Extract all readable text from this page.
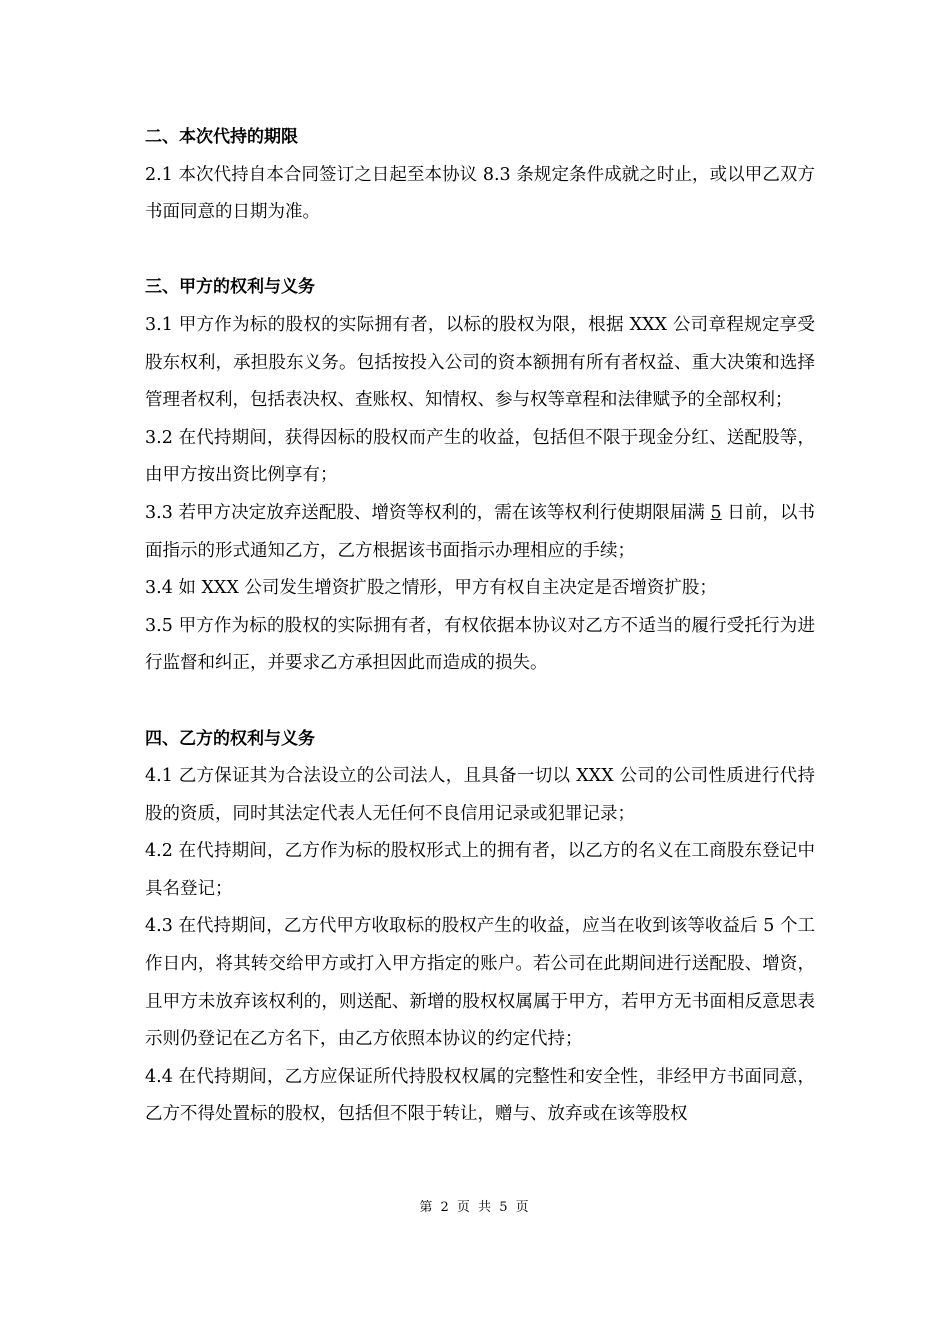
二、本次代持的期限

2.1 本次代持自本合同签订之日起至本协议 8.3 条规定条件成就之时止，或以甲乙双方书面同意的日期为准。

三、甲方的权利与义务

3.1 甲方作为标的股权的实际拥有者，以标的股权为限，根据 XXX 公司章程规定享受股东权利，承担股东义务。包括按投入公司的资本额拥有所有者权益、重大决策和选择管理者权利，包括表决权、查账权、知情权、参与权等章程和法律赋予的全部权利；

3.2 在代持期间，获得因标的股权而产生的收益，包括但不限于现金分红、送配股等，由甲方按出资比例享有；

3.3 若甲方决定放弃送配股、增资等权利的，需在该等权利行使期限届满 5 日前，以书面指示的形式通知乙方，乙方根据该书面指示办理相应的手续；

3.4 如 XXX 公司发生增资扩股之情形，甲方有权自主决定是否增资扩股；

3.5 甲方作为标的股权的实际拥有者，有权依据本协议对乙方不适当的履行受托行为进行监督和纠正，并要求乙方承担因此而造成的损失。

四、乙方的权利与义务

4.1 乙方保证其为合法设立的公司法人，且具备一切以 XXX 公司的公司性质进行代持股的资质，同时其法定代表人无任何不良信用记录或犯罪记录；

4.2 在代持期间，乙方作为标的股权形式上的拥有者，以乙方的名义在工商股东登记中具名登记；

4.3 在代持期间，乙方代甲方收取标的股权产生的收益，应当在收到该等收益后 5 个工作日内，将其转交给甲方或打入甲方指定的账户。若公司在此期间进行送配股、增资，且甲方未放弃该权利的，则送配、新增的股权权属属于甲方，若甲方无书面相反意思表示则仍登记在乙方名下，由乙方依照本协议的约定代持；

4.4 在代持期间，乙方应保证所代持股权权属的完整性和安全性，非经甲方书面同意，乙方不得处置标的股权，包括但不限于转让，赠与、放弃或在该等股权

第 2 页 共 5 页
